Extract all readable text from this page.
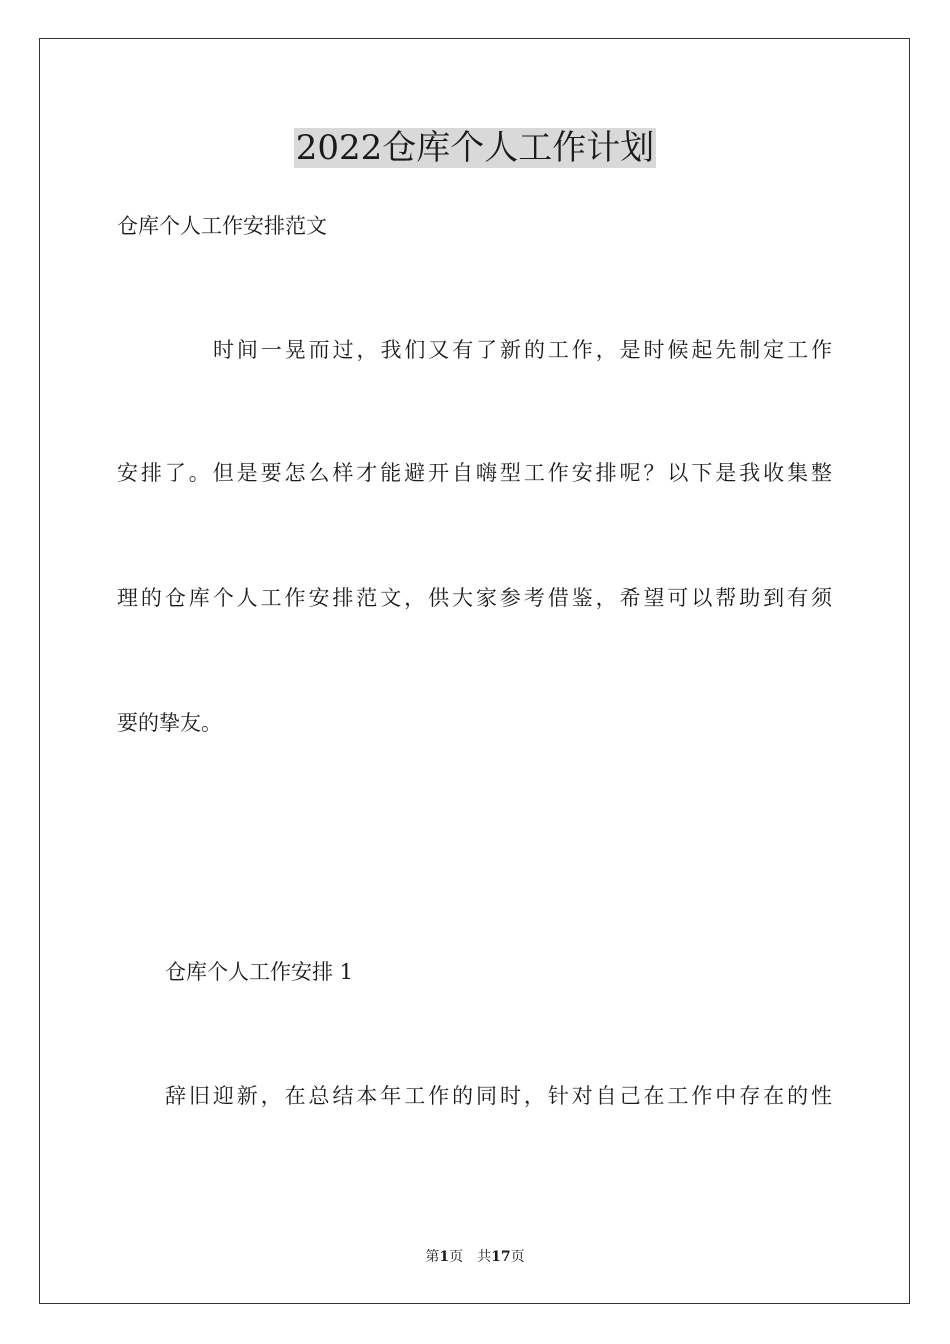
2022仓库个人工作计划
仓库个人工作安排范文
时间一晃而过，我们又有了新的工作，是时候起先制定工作
安排了。但是要怎么样才能避开自嗨型工作安排呢？以下是我收集整
理的仓库个人工作安排范文，供大家参考借鉴，希望可以帮助到有须
要的挚友。
仓库个人工作安排 1
辞旧迎新，在总结本年工作的同时，针对自己在工作中存在的性
第1页　共17页
